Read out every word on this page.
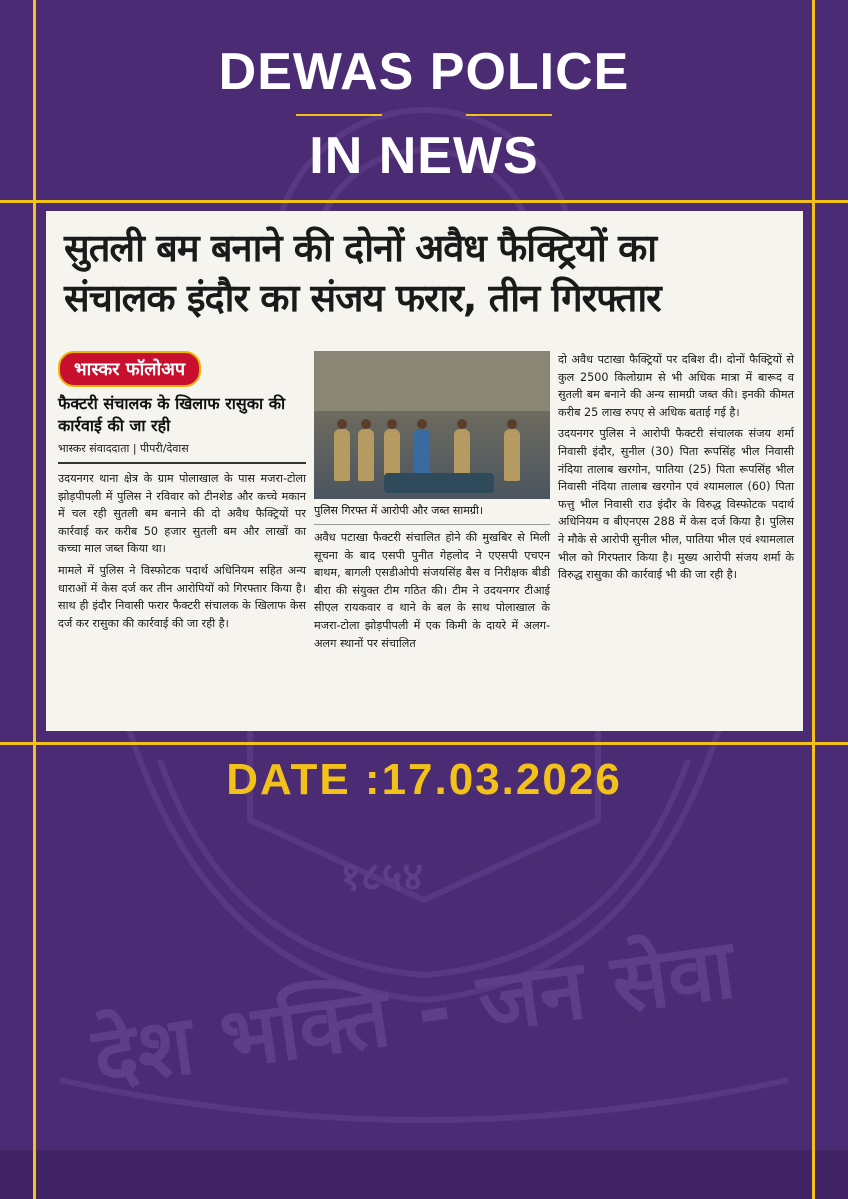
१८५४
देश भक्ति - जन सेवा
DEWAS POLICE
IN NEWS
सुतली बम बनाने की दोनों अवैध फैक्ट्रियों का
संचालक इंदौर का संजय फरार, तीन गिरफ्तार
भास्कर फॉलोअप
फैक्टरी संचालक के खिलाफ रासुका की कार्रवाई की जा रही
भास्कर संवाददाता | पीपरी/देवास

उदयनगर थाना क्षेत्र के ग्राम पोलाखाल के पास मजरा-टोला झोड़पीपली में पुलिस ने रविवार को टीनशेड और कच्चे मकान में चल रही सुतली बम बनाने की दो अवैध फैक्ट्रियों पर कार्रवाई कर करीब 50 हजार सुतली बम और लाखों का कच्चा माल जब्त किया था।

मामले में पुलिस ने विस्फोटक पदार्थ अधिनियम सहित अन्य धाराओं में केस दर्ज कर तीन आरोपियों को गिरफ्तार किया है। साथ ही इंदौर निवासी फरार फैक्टरी संचालक के खिलाफ केस दर्ज कर रासुका की कार्रवाई की जा रही है।

पुलिस गिरफ्त में आरोपी और जब्त सामग्री।

अवैध पटाखा फैक्टरी संचालित होने की मुखबिर से मिली सूचना के बाद एसपी पुनीत गेहलोद ने एएसपी एचएन बाथम, बागली एसडीओपी संजयसिंह बैस व निरीक्षक बीडी बीरा की संयुक्त टीम गठित की। टीम ने उदयनगर टीआई सीएल रायकवार व थाने के बल के साथ पोलाखाल के मजरा-टोला झोड़पीपली में एक किमी के दायरे में अलग-अलग स्थानों पर संचालित

दो अवैध पटाखा फैक्ट्रियों पर दबिश दी। दोनों फैक्ट्रियों से कुल 2500 किलोग्राम से भी अधिक मात्रा में बारूद व सुतली बम बनाने की अन्य सामग्री जब्त की। इनकी कीमत करीब 25 लाख रुपए से अधिक बताई गई है।

उदयनगर पुलिस ने आरोपी फैक्टरी संचालक संजय शर्मा निवासी इंदौर, सुनील (30) पिता रूपसिंह भील निवासी नंदिया तालाब खरगोन, पातिया (25) पिता रूपसिंह भील निवासी नंदिया तालाब खरगोन एवं श्यामलाल (60) पिता फत्तु भील निवासी राउ इंदौर के विरुद्ध विस्फोटक पदार्थ अधिनियम व बीएनएस 288 में केस दर्ज किया है। पुलिस ने मौके से आरोपी सुनील भील, पातिया भील एवं श्यामलाल भील को गिरफ्तार किया है। मुख्य आरोपी संजय शर्मा के विरुद्ध रासुका की कार्रवाई भी की जा रही है।

DATE :17.03.2026
